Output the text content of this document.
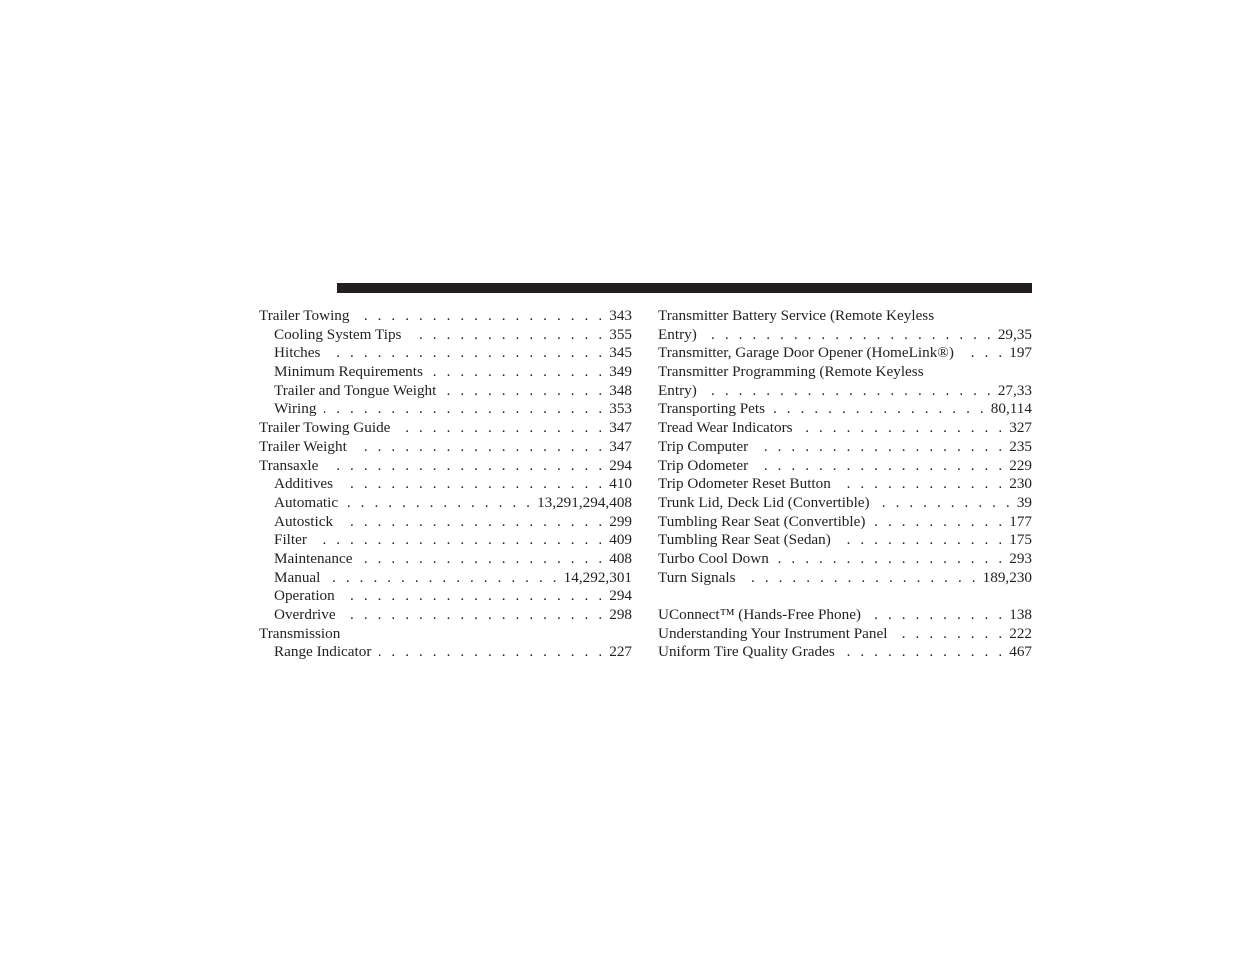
Trailer Towing . . .	343
Cooling System Tips . . .	355
Hitches . . .	345
Minimum Requirements . . .	349
Trailer and Tongue Weight . . .	348
Wiring . . .	353
Trailer Towing Guide . . .	347
Trailer Weight . . .	347
Transaxle . . .	294
Additives . . .	410
Automatic . . .	13,291,294,408
Autostick . . .	299
Filter . . .	409
Maintenance . . .	408
Manual . . .	14,292,301
Operation . . .	294
Overdrive . . .	298
Transmission
Range Indicator . . .	227
Transmitter Battery Service (Remote Keyless
Entry) . . .	29,35
Transmitter, Garage Door Opener (HomeLink®) . . .	197
Transmitter Programming (Remote Keyless
Entry) . . .	27,33
Transporting Pets . . .	80,114
Tread Wear Indicators . . .	327
Trip Computer . . .	235
Trip Odometer . . .	229
Trip Odometer Reset Button . . .	230
Trunk Lid, Deck Lid (Convertible) . . .	39
Tumbling Rear Seat (Convertible) . . .	177
Tumbling Rear Seat (Sedan) . . .	175
Turbo Cool Down . . .	293
Turn Signals . . .	189,230
UConnect™ (Hands-Free Phone) . . .	138
Understanding Your Instrument Panel . . .	222
Uniform Tire Quality Grades . . .	467
